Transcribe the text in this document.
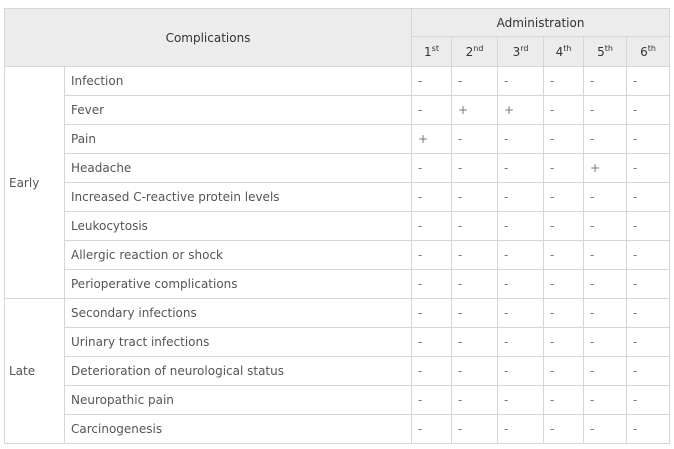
Complications		Administration					
		1st	2nd	3rd	4th	5th	6th
Early	Infection	-	-	-	-	-	-
	Fever	-	+	+	-	-	-
	Pain	+	-	-	-	-	-
	Headache	-	-	-	-	+	-
	Increased C-reactive protein levels	-	-	-	-	-	-
	Leukocytosis	-	-	-	-	-	-
	Allergic reaction or shock	-	-	-	-	-	-
	Perioperative complications	-	-	-	-	-	-
Late	Secondary infections	-	-	-	-	-	-
	Urinary tract infections	-	-	-	-	-	-
	Deterioration of neurological status	-	-	-	-	-	-
	Neuropathic pain	-	-	-	-	-	-
	Carcinogenesis	-	-	-	-	-	-
